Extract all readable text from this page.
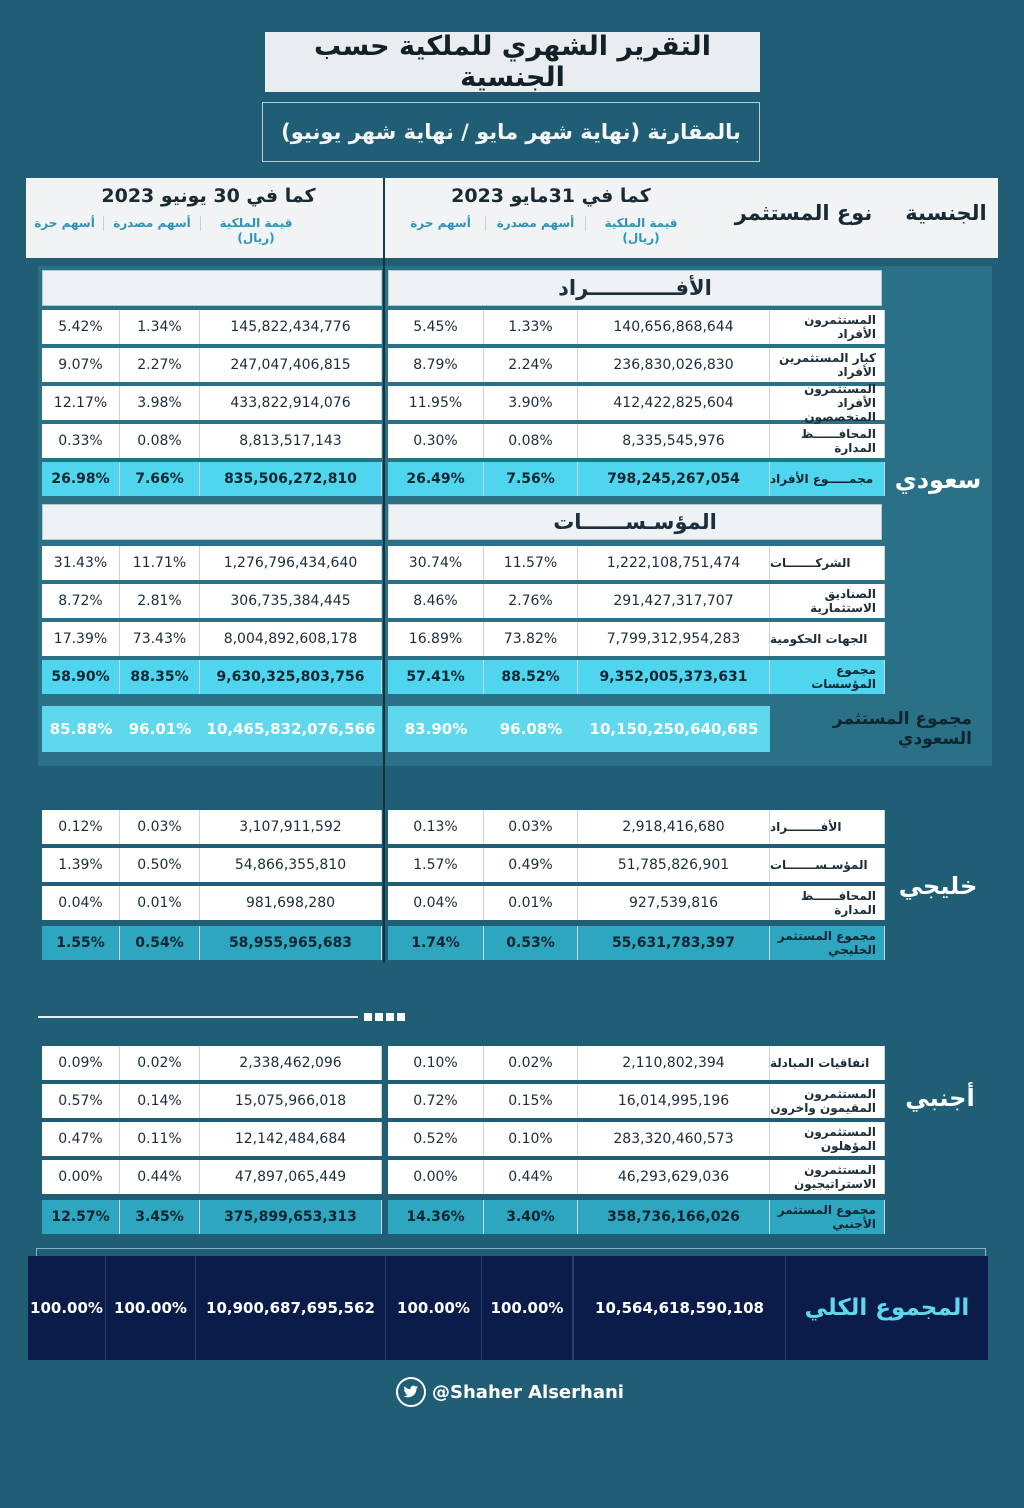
التقرير الشهري للملكية حسب الجنسية
بالمقارنة (نهاية شهر مايو / نهاية شهر يونيو)
الجنسية
نوع المستثمر
كما في 31مايو 2023
قيمة الملكية
(ريال)
أسهم مصدرة
أسهم حرة
كما في 30 يونيو 2023
قيمة الملكية
(ريال)
أسهم مصدرة
أسهم حرة
الأفــــــــــــراد
المؤسـســــــات
سعودي
خليجي
أجنبي
المستثمرون الأفراد
140,656,868,644
1.33%
5.45%
145,822,434,776
1.34%
5.42%
كبار المستثمرين الأفراد
236,830,026,830
2.24%
8.79%
247,047,406,815
2.27%
9.07%
المستثمرون الأفراد المتخصصون
412,422,825,604
3.90%
11.95%
433,822,914,076
3.98%
12.17%
المحافــــــظ المدارة
8,335,545,976
0.08%
0.30%
8,813,517,143
0.08%
0.33%
مجمـــــوع الأفراد
798,245,267,054
7.56%
26.49%
835,506,272,810
7.66%
26.98%
الشركـــــــات
1,222,108,751,474
11.57%
30.74%
1,276,796,434,640
11.71%
31.43%
الصناديق الاستثمارية
291,427,317,707
2.76%
8.46%
306,735,384,445
2.81%
8.72%
الجهات الحكومية
7,799,312,954,283
73.82%
16.89%
8,004,892,608,178
73.43%
17.39%
مجموع المؤسسات
9,352,005,373,631
88.52%
57.41%
9,630,325,803,756
88.35%
58.90%
مجموع المستثمر السعودي
10,150,250,640,685
96.08%
83.90%
10,465,832,076,566
96.01%
85.88%
الأفــــــــراد
2,918,416,680
0.03%
0.13%
3,107,911,592
0.03%
0.12%
المؤسـســـــــات
51,785,826,901
0.49%
1.57%
54,866,355,810
0.50%
1.39%
المحافــــــظ المدارة
927,539,816
0.01%
0.04%
981,698,280
0.01%
0.04%
مجموع المستثمر الخليجي
55,631,783,397
0.53%
1.74%
58,955,965,683
0.54%
1.55%
اتفاقيات المبادلة
2,110,802,394
0.02%
0.10%
2,338,462,096
0.02%
0.09%
المستثمرون المقيمون واخرون
16,014,995,196
0.15%
0.72%
15,075,966,018
0.14%
0.57%
المستثمرون المؤهلون
283,320,460,573
0.10%
0.52%
12,142,484,684
0.11%
0.47%
المستثمرون الاستراتيجيون
46,293,629,036
0.44%
0.00%
47,897,065,449
0.44%
0.00%
مجموع المستثمر الأجنبي
358,736,166,026
3.40%
14.36%
375,899,653,313
3.45%
12.57%
المجموع الكلي
10,564,618,590,108
100.00%
100.00%
10,900,687,695,562
100.00%
100.00%
@Shaher Alserhani
